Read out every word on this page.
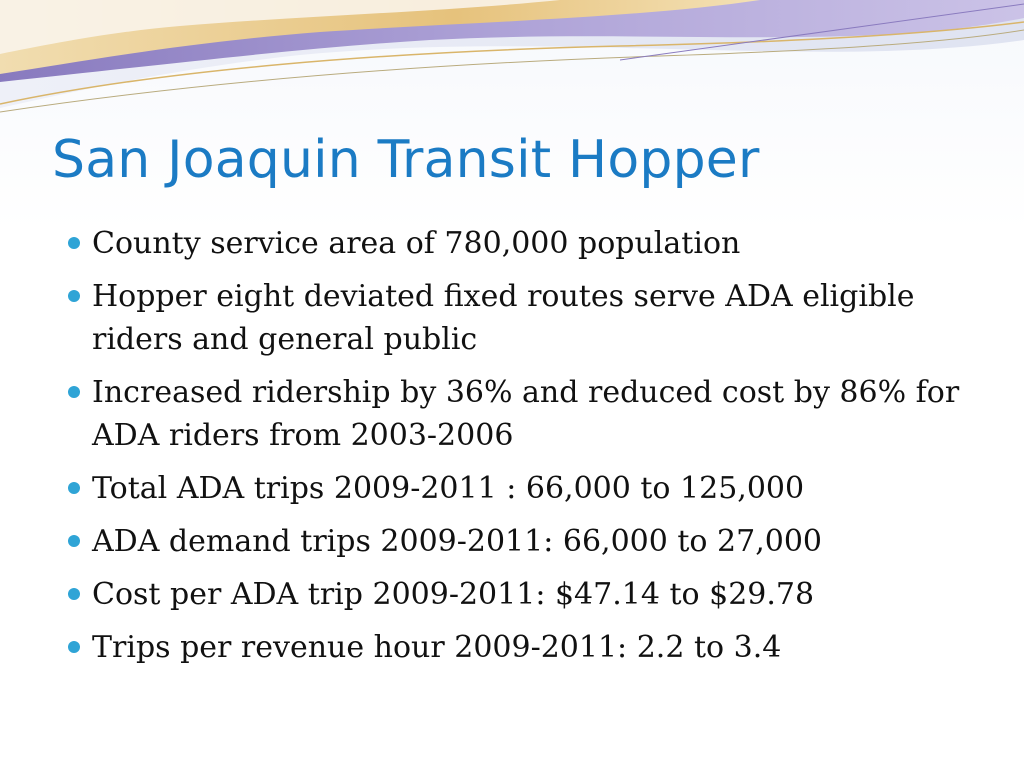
San Joaquin Transit Hopper
County service area of 780,000 population
Hopper eight deviated fixed routes serve ADA eligible riders and general public
Increased ridership by 36% and reduced cost by 86% for ADA riders from 2003-2006
Total ADA trips 2009-2011 : 66,000 to 125,000
ADA demand trips 2009-2011: 66,000 to 27,000
Cost per ADA trip 2009-2011: $47.14 to $29.78
Trips per revenue hour 2009-2011: 2.2 to 3.4
